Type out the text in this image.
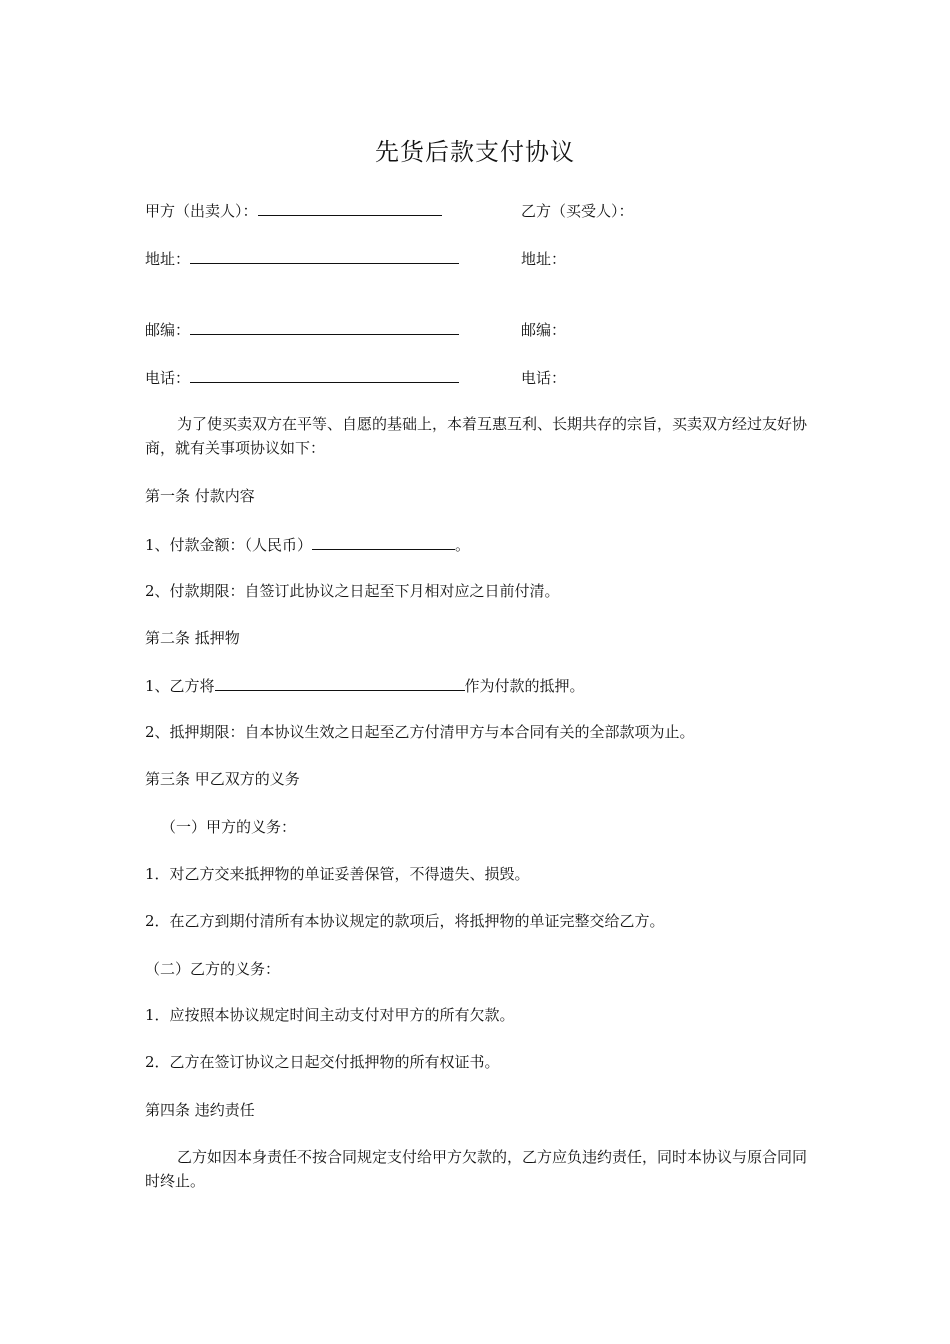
先货后款支付协议
甲方（出卖人）：
地址：
邮编：
电话：
乙方（买受人）：
地址：
邮编：
电话：
为了使买卖双方在平等、自愿的基础上，本着互惠互利、长期共存的宗旨，买卖双方经过友好协商，就有关事项协议如下：
第一条 付款内容
1、付款金额：（人民币）	。
2、付款期限：自签订此协议之日起至下月相对应之日前付清。
第二条 抵押物
1、乙方将	作为付款的抵押。
2、抵押期限：自本协议生效之日起至乙方付清甲方与本合同有关的全部款项为止。
第三条 甲乙双方的义务
（一）甲方的义务：
1．对乙方交来抵押物的单证妥善保管，不得遗失、损毁。
2．在乙方到期付清所有本协议规定的款项后，将抵押物的单证完整交给乙方。
（二）乙方的义务：
1．应按照本协议规定时间主动支付对甲方的所有欠款。
2．乙方在签订协议之日起交付抵押物的所有权证书。
第四条 违约责任
乙方如因本身责任不按合同规定支付给甲方欠款的，乙方应负违约责任，同时本协议与原合同同时终止。
